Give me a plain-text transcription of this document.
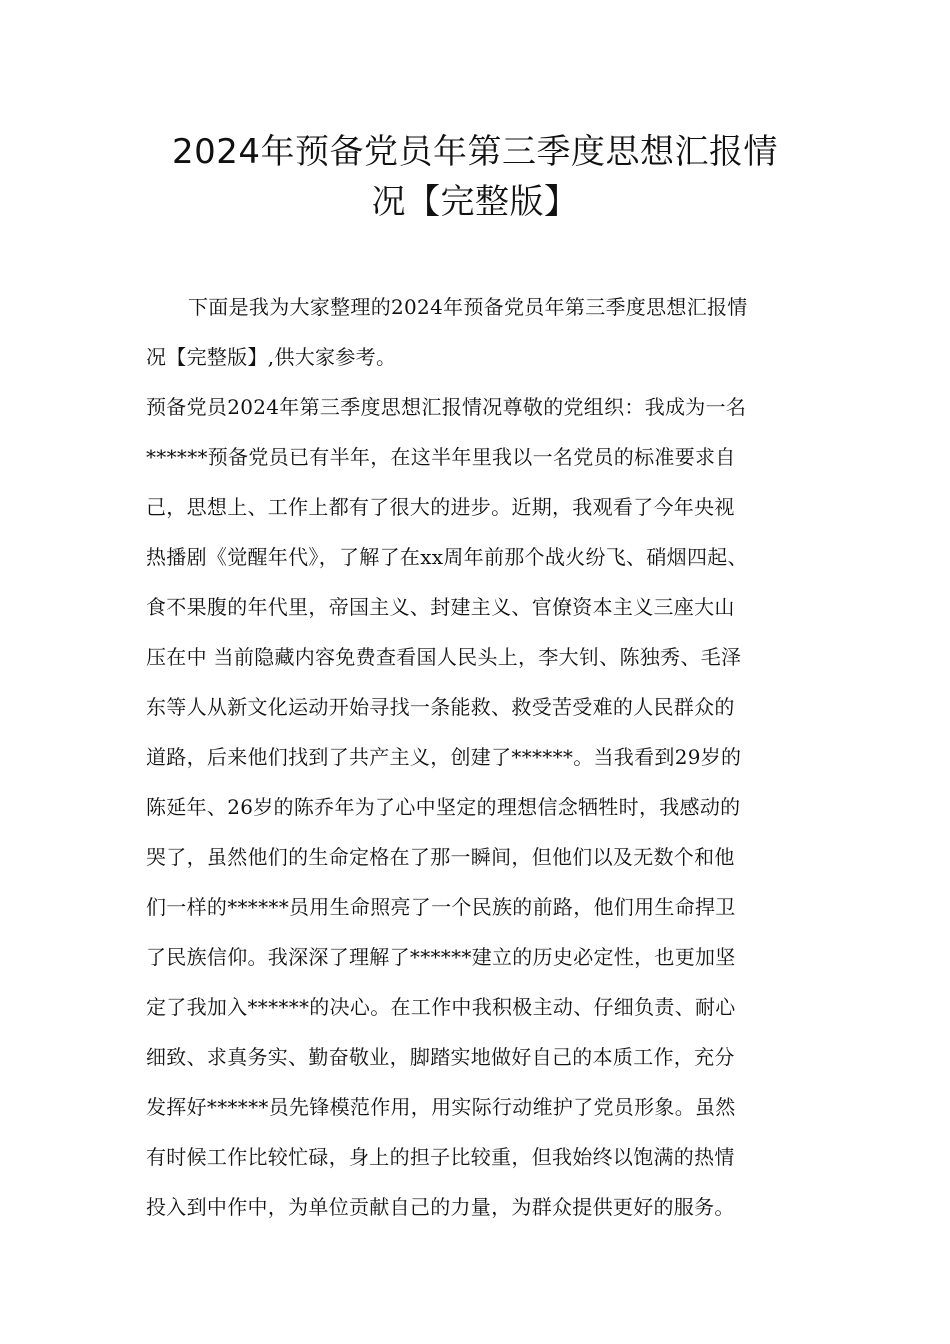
2024年预备党员年第三季度思想汇报情
况【完整版】
下面是我为大家整理的2024年预备党员年第三季度思想汇报情
况【完整版】,供大家参考。
预备党员2024年第三季度思想汇报情况尊敬的党组织：我成为一名
******预备党员已有半年，在这半年里我以一名党员的标准要求自
己，思想上、工作上都有了很大的进步。近期，我观看了今年央视
热播剧《觉醒年代》，了解了在xx周年前那个战火纷飞、硝烟四起、
食不果腹的年代里，帝国主义、封建主义、官僚资本主义三座大山
压在中 当前隐藏内容免费查看国人民头上，李大钊、陈独秀、毛泽
东等人从新文化运动开始寻找一条能救、救受苦受难的人民群众的
道路，后来他们找到了共产主义，创建了******。当我看到29岁的
陈延年、26岁的陈乔年为了心中坚定的理想信念牺牲时，我感动的
哭了，虽然他们的生命定格在了那一瞬间，但他们以及无数个和他
们一样的******员用生命照亮了一个民族的前路，他们用生命捍卫
了民族信仰。我深深了理解了******建立的历史必定性，也更加坚
定了我加入******的决心。在工作中我积极主动、仔细负责、耐心
细致、求真务实、勤奋敬业，脚踏实地做好自己的本质工作，充分
发挥好******员先锋模范作用，用实际行动维护了党员形象。虽然
有时候工作比较忙碌，身上的担子比较重，但我始终以饱满的热情
投入到中作中，为单位贡献自己的力量，为群众提供更好的服务。
